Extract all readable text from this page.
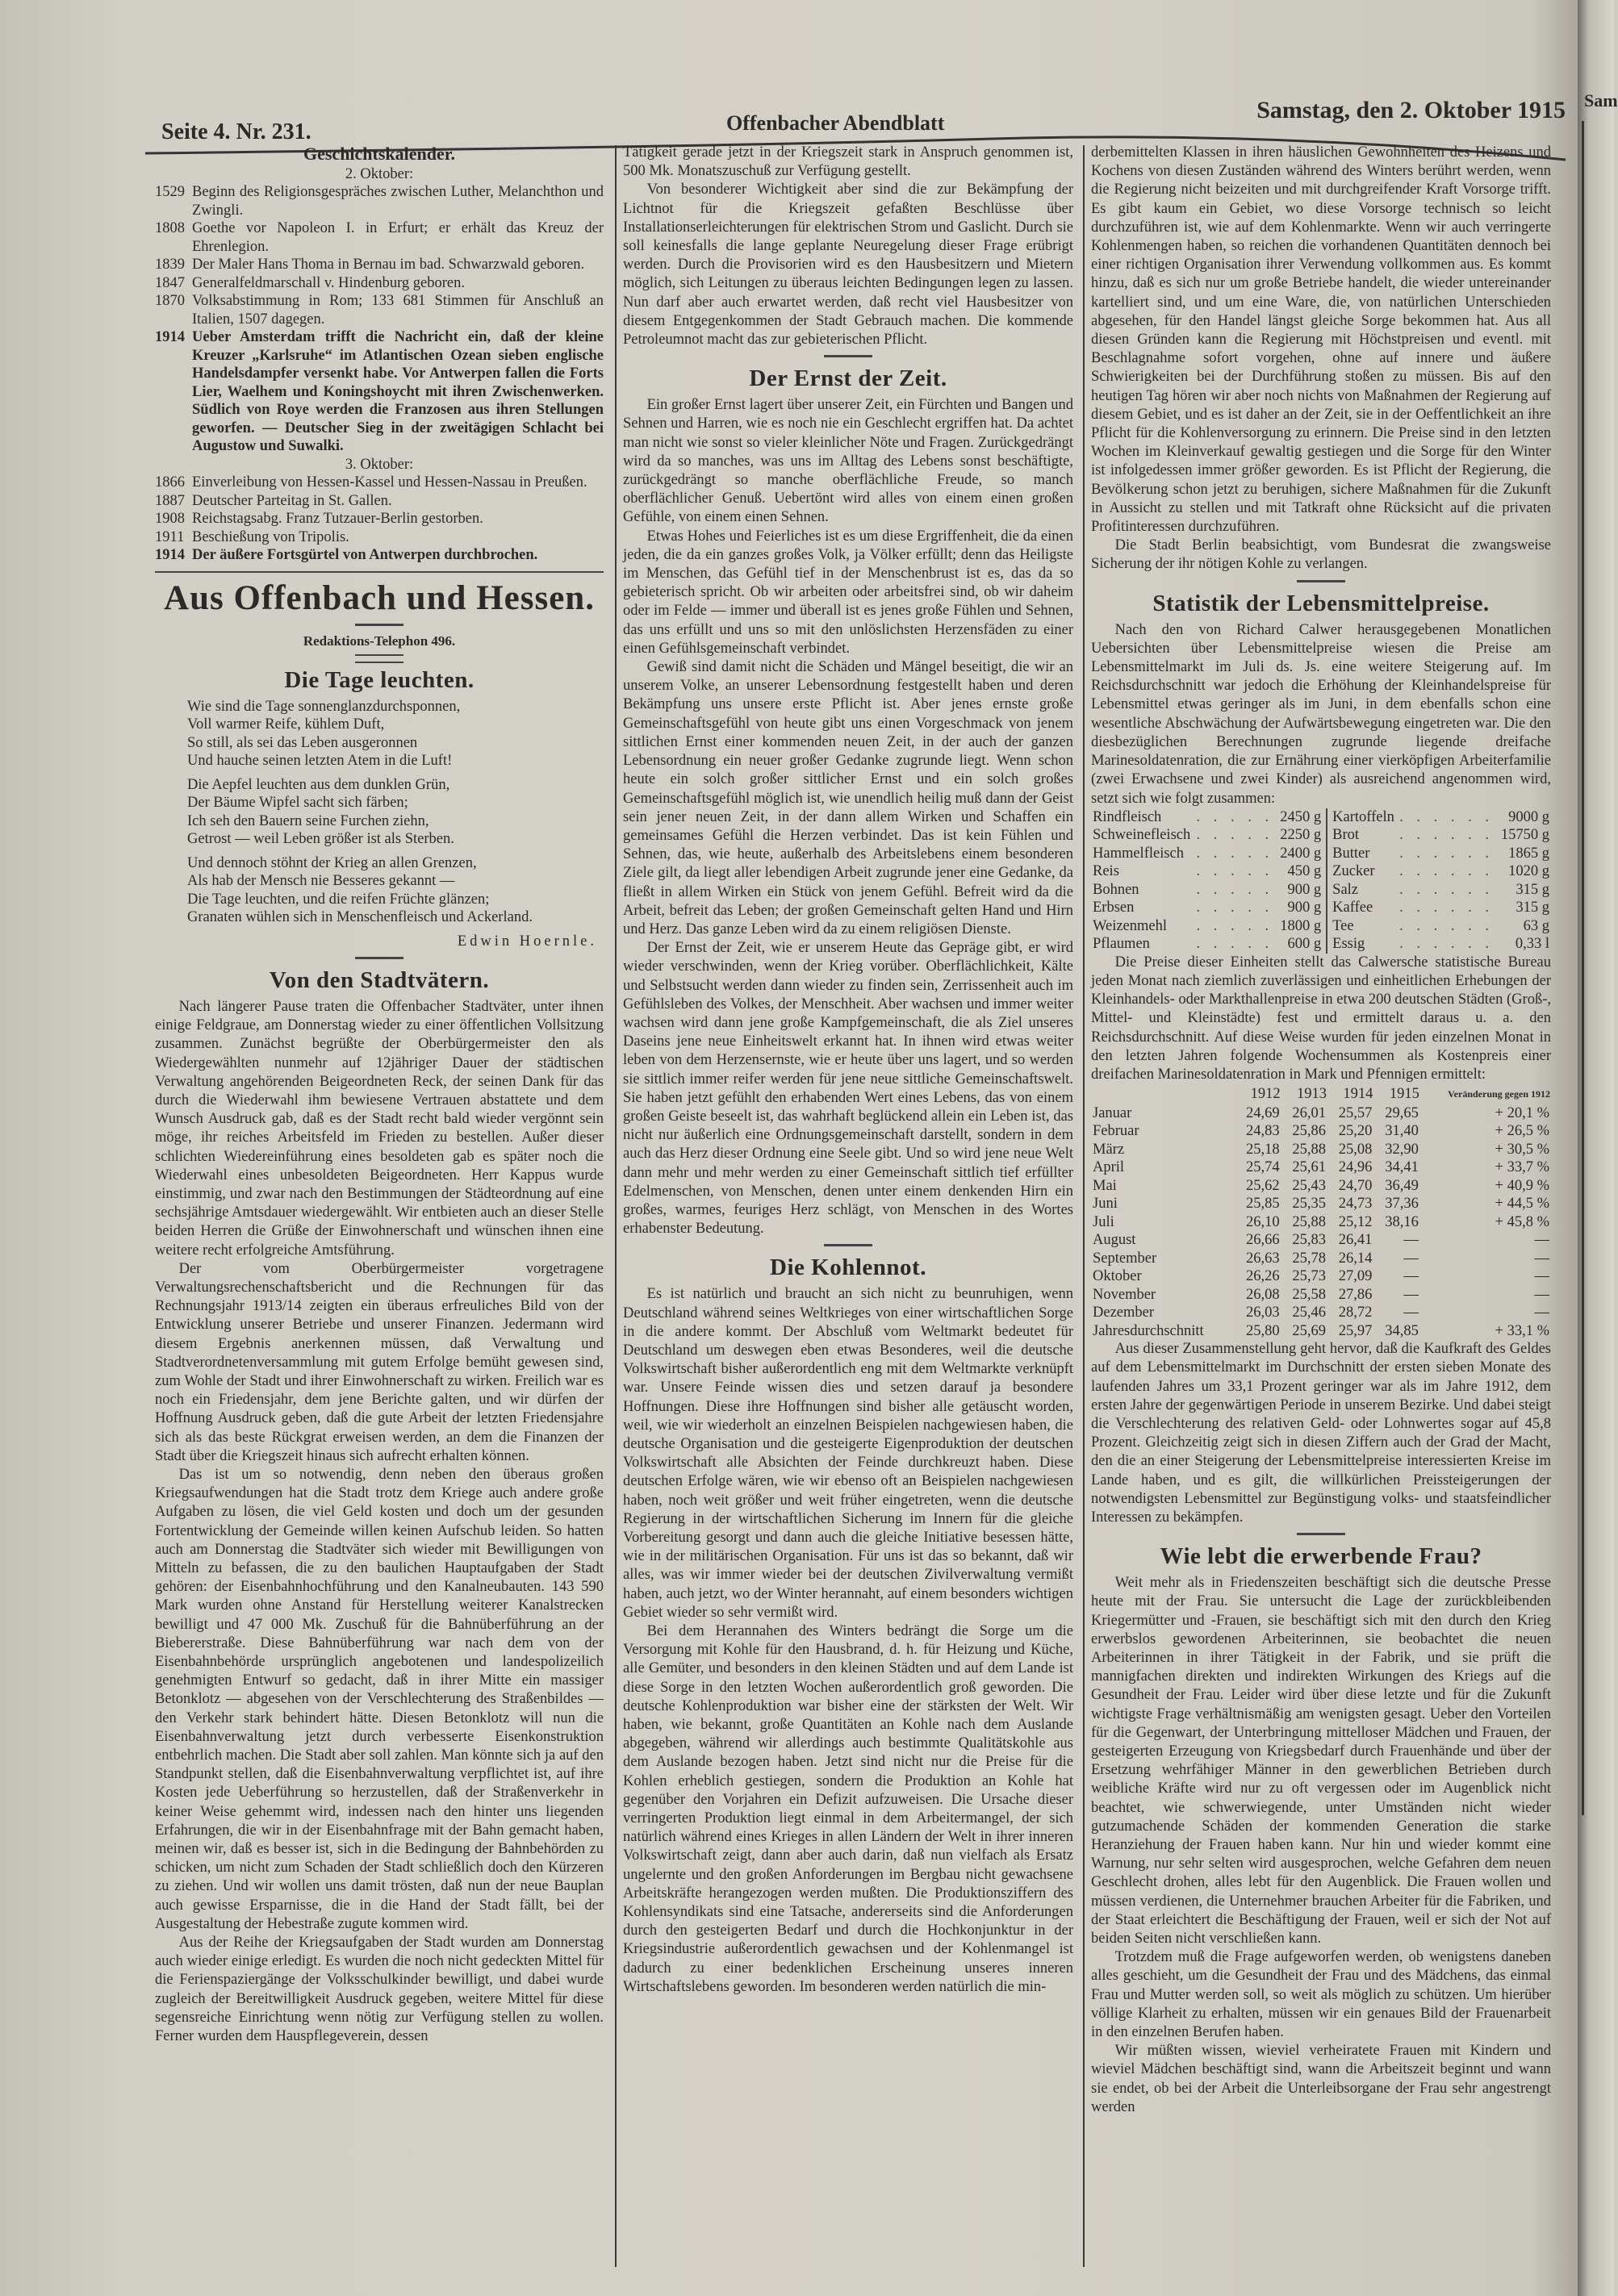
Seite 4. Nr. 231.	Offenbacher Abendblatt	Samstag, den 2. Oktober 1915
Geschichtskalender.
2. Oktober:
1529 Beginn des Religionsgespräches zwischen Luther, Melanchthon und Zwingli.
1808 Goethe vor Napoleon I. in Erfurt; er erhält das Kreuz der Ehrenlegion.
1839 Der Maler Hans Thoma in Bernau im bad. Schwarzwald geboren.
1847 Generalfeldmarschall v. Hindenburg geboren.
1870 Volksabstimmung in Rom; 133 681 Stimmen für Anschluß an Italien, 1507 dagegen.
1914 Ueber Amsterdam trifft die Nachricht ein, daß der kleine Kreuzer „Karlsruhe“ im Atlantischen Ozean sieben englische Handelsdampfer versenkt habe. Vor Antwerpen fallen die Forts Lier, Waelhem und Koningshoycht mit ihren Zwischenwerken. Südlich von Roye werden die Franzosen aus ihren Stellungen geworfen. — Deutscher Sieg in der zweitägigen Schlacht bei Augustow und Suwalki.
3. Oktober:
1866 Einverleibung von Hessen-Kassel und Hessen-Nassau in Preußen.
1887 Deutscher Parteitag in St. Gallen.
1908 Reichstagsabg. Franz Tutzauer-Berlin gestorben.
1911 Beschießung von Tripolis.
1914 Der äußere Fortsgürtel von Antwerpen durchbrochen.
Aus Offenbach und Hessen.
Redaktions-Telephon 496.
Die Tage leuchten.
Wie sind die Tage sonnenglanzdurchsponnen,
Voll warmer Reife, kühlem Duft,
So still, als sei das Leben ausgeronnen
Und hauche seinen letzten Atem in die Luft!
Die Aepfel leuchten aus dem dunklen Grün,
Der Bäume Wipfel sacht sich färben;
Ich seh den Bauern seine Furchen ziehn,
Getrost — weil Leben größer ist als Sterben.
Und dennoch stöhnt der Krieg an allen Grenzen,
Als hab der Mensch nie Besseres gekannt —
Die Tage leuchten, und die reifen Früchte glänzen;
Granaten wühlen sich in Menschenfleisch und Ackerland.
Edwin Hoernle.
Von den Stadtvätern.

Nach längerer Pause traten die Offenbacher Stadtväter, unter ihnen einige Feldgraue, am Donnerstag wieder zu einer öffentlichen Vollsitzung zusammen. Zunächst begrüßte der Oberbürgermeister den als Wiedergewählten nunmehr auf 12jähriger Dauer der städtischen Verwaltung angehörenden Beigeordneten Reck, der seinen Dank für das durch die Wiederwahl ihm bewiesene Vertrauen abstattete und dem Wunsch Ausdruck gab, daß es der Stadt recht bald wieder vergönnt sein möge, ihr reiches Arbeitsfeld im Frieden zu bestellen. Außer dieser schlichten Wiedereinführung eines besoldeten gab es später noch die Wiederwahl eines unbesoldeten Beigeordneten. Herr Kappus wurde einstimmig, und zwar nach den Bestimmungen der Städteordnung auf eine sechsjährige Amtsdauer wiedergewählt. Wir entbieten auch an dieser Stelle beiden Herren die Grüße der Einwohnerschaft und wünschen ihnen eine weitere recht erfolgreiche Amtsführung.

Der vom Oberbürgermeister vorgetragene Verwaltungsrechenschaftsbericht und die Rechnungen für das Rechnungsjahr 1913/14 zeigten ein überaus erfreuliches Bild von der Entwicklung unserer Betriebe und unserer Finanzen. Jedermann wird diesem Ergebnis anerkennen müssen, daß Verwaltung und Stadtverordnetenversammlung mit gutem Erfolge bemüht gewesen sind, zum Wohle der Stadt und ihrer Einwohnerschaft zu wirken. Freilich war es noch ein Friedensjahr, dem jene Berichte galten, und wir dürfen der Hoffnung Ausdruck geben, daß die gute Arbeit der letzten Friedensjahre sich als das beste Rückgrat erweisen werden, an dem die Finanzen der Stadt über die Kriegszeit hinaus sich aufrecht erhalten können.

Das ist um so notwendig, denn neben den überaus großen Kriegsaufwendungen hat die Stadt trotz dem Kriege auch andere große Aufgaben zu lösen, die viel Geld kosten und doch um der gesunden Fortentwicklung der Gemeinde willen keinen Aufschub leiden. So hatten auch am Donnerstag die Stadtväter sich wieder mit Bewilligungen von Mitteln zu befassen, die zu den baulichen Hauptaufgaben der Stadt gehören: der Eisenbahnhochführung und den Kanalneubauten. 143 590 Mark wurden ohne Anstand für Herstellung weiterer Kanalstrecken bewilligt und 47 000 Mk. Zuschuß für die Bahnüberführung an der Biebererstraße. Diese Bahnüberführung war nach dem von der Eisenbahnbehörde ursprünglich angebotenen und landespolizeilich genehmigten Entwurf so gedacht, daß in ihrer Mitte ein massiger Betonklotz — abgesehen von der Verschlechterung des Straßenbildes — den Verkehr stark behindert hätte. Diesen Betonklotz will nun die Eisenbahnverwaltung jetzt durch verbesserte Eisenkonstruktion entbehrlich machen. Die Stadt aber soll zahlen. Man könnte sich ja auf den Standpunkt stellen, daß die Eisenbahnverwaltung verpflichtet ist, auf ihre Kosten jede Ueberführung so herzustellen, daß der Straßenverkehr in keiner Weise gehemmt wird, indessen nach den hinter uns liegenden Erfahrungen, die wir in der Eisenbahnfrage mit der Bahn gemacht haben, meinen wir, daß es besser ist, sich in die Bedingung der Bahnbehörden zu schicken, um nicht zum Schaden der Stadt schließlich doch den Kürzeren zu ziehen. Und wir wollen uns damit trösten, daß nun der neue Bauplan auch gewisse Ersparnisse, die in die Hand der Stadt fällt, bei der Ausgestaltung der Hebestraße zugute kommen wird.

Aus der Reihe der Kriegsaufgaben der Stadt wurden am Donnerstag auch wieder einige erledigt. Es wurden die noch nicht gedeckten Mittel für die Ferienspaziergänge der Volksschulkinder bewilligt, und dabei wurde zugleich der Bereitwilligkeit Ausdruck gegeben, weitere Mittel für diese segensreiche Einrichtung wenn nötig zur Verfügung stellen zu wollen. Ferner wurden dem Hauspflegeverein, dessen

Tätigkeit gerade jetzt in der Kriegszeit stark in Anspruch genommen ist, 500 Mk. Monatszuschuß zur Verfügung gestellt.

Von besonderer Wichtigkeit aber sind die zur Bekämpfung der Lichtnot für die Kriegszeit gefaßten Beschlüsse über Installationserleichterungen für elektrischen Strom und Gaslicht. Durch sie soll keinesfalls die lange geplante Neuregelung dieser Frage erübrigt werden. Durch die Provisorien wird es den Hausbesitzern und Mietern möglich, sich Leitungen zu überaus leichten Bedingungen legen zu lassen. Nun darf aber auch erwartet werden, daß recht viel Hausbesitzer von diesem Entgegenkommen der Stadt Gebrauch machen. Die kommende Petroleumnot macht das zur gebieterischen Pflicht.

Der Ernst der Zeit.

Ein großer Ernst lagert über unserer Zeit, ein Fürchten und Bangen und Sehnen und Harren, wie es noch nie ein Geschlecht ergriffen hat. Da achtet man nicht wie sonst so vieler kleinlicher Nöte und Fragen. Zurückgedrängt wird da so manches, was uns im Alltag des Lebens sonst beschäftigte, zurückgedrängt so manche oberflächliche Freude, so manch oberflächlicher Genuß. Uebertönt wird alles von einem einen großen Gefühle, von einem einen Sehnen.

Etwas Hohes und Feierliches ist es um diese Ergriffenheit, die da einen jeden, die da ein ganzes großes Volk, ja Völker erfüllt; denn das Heiligste im Menschen, das Gefühl tief in der Menschenbrust ist es, das da so gebieterisch spricht. Ob wir arbeiten oder arbeitsfrei sind, ob wir daheim oder im Felde — immer und überall ist es jenes große Fühlen und Sehnen, das uns erfüllt und uns so mit den unlöslichsten Herzensfäden zu einer einen Gefühlsgemeinschaft verbindet.

Gewiß sind damit nicht die Schäden und Mängel beseitigt, die wir an unserem Volke, an unserer Lebensordnung festgestellt haben und deren Bekämpfung uns unsere erste Pflicht ist. Aber jenes ernste große Gemeinschaftsgefühl von heute gibt uns einen Vorgeschmack von jenem sittlichen Ernst einer kommenden neuen Zeit, in der auch der ganzen Lebensordnung ein neuer großer Gedanke zugrunde liegt. Wenn schon heute ein solch großer sittlicher Ernst und ein solch großes Gemeinschaftsgefühl möglich ist, wie unendlich heilig muß dann der Geist sein jener neuen Zeit, in der dann allem Wirken und Schaffen ein gemeinsames Gefühl die Herzen verbindet. Das ist kein Fühlen und Sehnen, das, wie heute, außerhalb des Arbeitslebens einem besonderen Ziele gilt, da liegt aller lebendigen Arbeit zugrunde jener eine Gedanke, da fließt in allem Wirken ein Stück von jenem Gefühl. Befreit wird da die Arbeit, befreit das Leben; der großen Gemeinschaft gelten Hand und Hirn und Herz. Das ganze Leben wird da zu einem religiösen Dienste.

Der Ernst der Zeit, wie er unserem Heute das Gepräge gibt, er wird wieder verschwinden, wenn der Krieg vorüber. Oberflächlichkeit, Kälte und Selbstsucht werden dann wieder zu finden sein, Zerrissenheit auch im Gefühlsleben des Volkes, der Menschheit. Aber wachsen und immer weiter wachsen wird dann jene große Kampfgemeinschaft, die als Ziel unseres Daseins jene neue Einheitswelt erkannt hat. In ihnen wird etwas weiter leben von dem Herzensernste, wie er heute über uns lagert, und so werden sie sittlich immer reifer werden für jene neue sittliche Gemeinschaftswelt. Sie haben jetzt gefühlt den erhabenden Wert eines Lebens, das von einem großen Geiste beseelt ist, das wahrhaft beglückend allein ein Leben ist, das nicht nur äußerlich eine Ordnungsgemeinschaft darstellt, sondern in dem auch das Herz dieser Ordnung eine Seele gibt. Und so wird jene neue Welt dann mehr und mehr werden zu einer Gemeinschaft sittlich tief erfüllter Edelmenschen, von Menschen, denen unter einem denkenden Hirn ein großes, warmes, feuriges Herz schlägt, von Menschen in des Wortes erhabenster Bedeutung.

Die Kohlennot.

Es ist natürlich und braucht an sich nicht zu beunruhigen, wenn Deutschland während seines Weltkrieges von einer wirtschaftlichen Sorge in die andere kommt. Der Abschluß vom Weltmarkt bedeutet für Deutschland um deswegen eben etwas Besonderes, weil die deutsche Volkswirtschaft bisher außerordentlich eng mit dem Weltmarkte verknüpft war. Unsere Feinde wissen dies und setzen darauf ja besondere Hoffnungen. Diese ihre Hoffnungen sind bisher alle getäuscht worden, weil, wie wir wiederholt an einzelnen Beispielen nachgewiesen haben, die deutsche Organisation und die gesteigerte Eigenproduktion der deutschen Volkswirtschaft alle Absichten der Feinde durchkreuzt haben. Diese deutschen Erfolge wären, wie wir ebenso oft an Beispielen nachgewiesen haben, noch weit größer und weit früher eingetreten, wenn die deutsche Regierung in der wirtschaftlichen Sicherung im Innern für die gleiche Vorbereitung gesorgt und dann auch die gleiche Initiative besessen hätte, wie in der militärischen Organisation. Für uns ist das so bekannt, daß wir alles, was wir immer wieder bei der deutschen Zivilverwaltung vermißt haben, auch jetzt, wo der Winter herannaht, auf einem besonders wichtigen Gebiet wieder so sehr vermißt wird.

Bei dem Herannahen des Winters bedrängt die Sorge um die Versorgung mit Kohle für den Hausbrand, d. h. für Heizung und Küche, alle Gemüter, und besonders in den kleinen Städten und auf dem Lande ist diese Sorge in den letzten Wochen außerordentlich groß geworden. Die deutsche Kohlenproduktion war bisher eine der stärksten der Welt. Wir haben, wie bekannt, große Quantitäten an Kohle nach dem Auslande abgegeben, während wir allerdings auch bestimmte Qualitätskohle aus dem Auslande bezogen haben. Jetzt sind nicht nur die Preise für die Kohlen erheblich gestiegen, sondern die Produktion an Kohle hat gegenüber den Vorjahren ein Defizit aufzuweisen. Die Ursache dieser verringerten Produktion liegt einmal in dem Arbeitermangel, der sich natürlich während eines Krieges in allen Ländern der Welt in ihrer inneren Volkswirtschaft zeigt, dann aber auch darin, daß nun vielfach als Ersatz ungelernte und den großen Anforderungen im Bergbau nicht gewachsene Arbeitskräfte herangezogen werden mußten. Die Produktionsziffern des Kohlensyndikats sind eine Tatsache, andererseits sind die Anforderungen durch den gesteigerten Bedarf und durch die Hochkonjunktur in der Kriegsindustrie außerordentlich gewachsen und der Kohlenmangel ist dadurch zu einer bedenklichen Erscheinung unseres inneren Wirtschaftslebens geworden. Im besonderen werden natürlich die min-

derbemittelten Klassen in ihren häuslichen Gewohnheiten des Heizens und Kochens von diesen Zuständen während des Winters berührt werden, wenn die Regierung nicht beizeiten und mit durchgreifender Kraft Vorsorge trifft. Es gibt kaum ein Gebiet, wo diese Vorsorge technisch so leicht durchzuführen ist, wie auf dem Kohlenmarkte. Wenn wir auch verringerte Kohlenmengen haben, so reichen die vorhandenen Quantitäten dennoch bei einer richtigen Organisation ihrer Verwendung vollkommen aus. Es kommt hinzu, daß es sich nur um große Betriebe handelt, die wieder untereinander kartelliert sind, und um eine Ware, die, von natürlichen Unterschieden abgesehen, für den Handel längst gleiche Sorge bekommen hat. Aus all diesen Gründen kann die Regierung mit Höchstpreisen und eventl. mit Beschlagnahme sofort vorgehen, ohne auf innere und äußere Schwierigkeiten bei der Durchführung stoßen zu müssen. Bis auf den heutigen Tag hören wir aber noch nichts von Maßnahmen der Regierung auf diesem Gebiet, und es ist daher an der Zeit, sie in der Oeffentlichkeit an ihre Pflicht für die Kohlenversorgung zu erinnern. Die Preise sind in den letzten Wochen im Kleinverkauf gewaltig gestiegen und die Sorge für den Winter ist infolgedessen immer größer geworden. Es ist Pflicht der Regierung, die Bevölkerung schon jetzt zu beruhigen, sichere Maßnahmen für die Zukunft in Aussicht zu stellen und mit Tatkraft ohne Rücksicht auf die privaten Profitinteressen durchzuführen.

Die Stadt Berlin beabsichtigt, vom Bundesrat die zwangsweise Sicherung der ihr nötigen Kohle zu verlangen.

Statistik der Lebensmittelpreise.

Nach den von Richard Calwer herausgegebenen Monatlichen Uebersichten über Lebensmittelpreise wiesen die Preise am Lebensmittelmarkt im Juli ds. Js. eine weitere Steigerung auf. Im Reichsdurchschnitt war jedoch die Erhöhung der Kleinhandelspreise für Lebensmittel etwas geringer als im Juni, in dem ebenfalls schon eine wesentliche Abschwächung der Aufwärtsbewegung eingetreten war. Die den diesbezüglichen Berechnungen zugrunde liegende dreifache Marinesoldatenration, die zur Ernährung einer vierköpfigen Arbeiterfamilie (zwei Erwachsene und zwei Kinder) als ausreichend angenommen wird, setzt sich wie folgt zusammen:

Rindfleisch	. . . . .	2450 g	Kartoffeln	. . . . . .	9000 g
Schweinefleisch	. . . . .	2250 g	Brot	. . . . . .	15750 g
Hammelfleisch	. . . . .	2400 g	Butter	. . . . . .	1865 g
Reis	. . . . .	450 g	Zucker	. . . . . .	1020 g
Bohnen	. . . . .	900 g	Salz	. . . . . .	315 g
Erbsen	. . . . .	900 g	Kaffee	. . . . . .	315 g
Weizenmehl	. . . . .	1800 g	Tee	. . . . . .	63 g
Pflaumen	. . . . .	600 g	Essig	. . . . . .	0,33 l

Die Preise dieser Einheiten stellt das Calwersche statistische Bureau jeden Monat nach ziemlich zuverlässigen und einheitlichen Erhebungen der Kleinhandels- oder Markthallenpreise in etwa 200 deutschen Städten (Groß-, Mittel- und Kleinstädte) fest und ermittelt daraus u. a. den Reichsdurchschnitt. Auf diese Weise wurden für jeden einzelnen Monat in den letzten Jahren folgende Wochensummen als Kostenpreis einer dreifachen Marinesoldatenration in Mark und Pfennigen ermittelt:

	1912	1913	1914	1915	Veränderung gegen 1912
Januar	24,69	26,01	25,57	29,65	+ 20,1 %
Februar	24,83	25,86	25,20	31,40	+ 26,5 %
März	25,18	25,88	25,08	32,90	+ 30,5 %
April	25,74	25,61	24,96	34,41	+ 33,7 %
Mai	25,62	25,43	24,70	36,49	+ 40,9 %
Juni	25,85	25,35	24,73	37,36	+ 44,5 %
Juli	26,10	25,88	25,12	38,16	+ 45,8 %
August	26,66	25,83	26,41	—	—
September	26,63	25,78	26,14	—	—
Oktober	26,26	25,73	27,09	—	—
November	26,08	25,58	27,86	—	—
Dezember	26,03	25,46	28,72	—	—
Jahresdurchschnitt	25,80	25,69	25,97	34,85	+ 33,1 %

Aus dieser Zusammenstellung geht hervor, daß die Kaufkraft des Geldes auf dem Lebensmittelmarkt im Durchschnitt der ersten sieben Monate des laufenden Jahres um 33,1 Prozent geringer war als im Jahre 1912, dem ersten Jahre der gegenwärtigen Periode in unserem Bezirke. Und dabei steigt die Verschlechterung des relativen Geld- oder Lohnwertes sogar auf 45,8 Prozent. Gleichzeitig zeigt sich in diesen Ziffern auch der Grad der Macht, den die an einer Steigerung der Lebensmittelpreise interessierten Kreise im Lande haben, und es gilt, die willkürlichen Preissteigerungen der notwendigsten Lebensmittel zur Begünstigung volks- und staatsfeindlicher Interessen zu bekämpfen.

Wie lebt die erwerbende Frau?

Weit mehr als in Friedenszeiten beschäftigt sich die deutsche Presse heute mit der Frau. Sie untersucht die Lage der zurückbleibenden Kriegermütter und -Frauen, sie beschäftigt sich mit den durch den Krieg erwerbslos gewordenen Arbeiterinnen, sie beobachtet die neuen Arbeiterinnen in ihrer Tätigkeit in der Fabrik, und sie prüft die mannigfachen direkten und indirekten Wirkungen des Kriegs auf die Gesundheit der Frau. Leider wird über diese letzte und für die Zukunft wichtigste Frage verhältnismäßig am wenigsten gesagt. Ueber den Vorteilen für die Gegenwart, der Unterbringung mittelloser Mädchen und Frauen, der gesteigerten Erzeugung von Kriegsbedarf durch Frauenhände und über der Ersetzung wehrfähiger Männer in den gewerblichen Betrieben durch weibliche Kräfte wird nur zu oft vergessen oder im Augenblick nicht beachtet, wie schwerwiegende, unter Umständen nicht wieder gutzumachende Schäden der kommenden Generation die starke Heranziehung der Frauen haben kann. Nur hin und wieder kommt eine Warnung, nur sehr selten wird ausgesprochen, welche Gefahren dem neuen Geschlecht drohen, alles lebt für den Augenblick. Die Frauen wollen und müssen verdienen, die Unternehmer brauchen Arbeiter für die Fabriken, und der Staat erleichtert die Beschäftigung der Frauen, weil er sich der Not auf beiden Seiten nicht verschließen kann.

Trotzdem muß die Frage aufgeworfen werden, ob wenigstens daneben alles geschieht, um die Gesundheit der Frau und des Mädchens, das einmal Frau und Mutter werden soll, so weit als möglich zu schützen. Um hierüber völlige Klarheit zu erhalten, müssen wir ein genaues Bild der Frauenarbeit in den einzelnen Berufen haben.

Wir müßten wissen, wieviel verheiratete Frauen mit Kindern und wieviel Mädchen beschäftigt sind, wann die Arbeitszeit beginnt und wann sie endet, ob bei der Arbeit die Unterleibsorgane der Frau sehr angestrengt werden

Sam
